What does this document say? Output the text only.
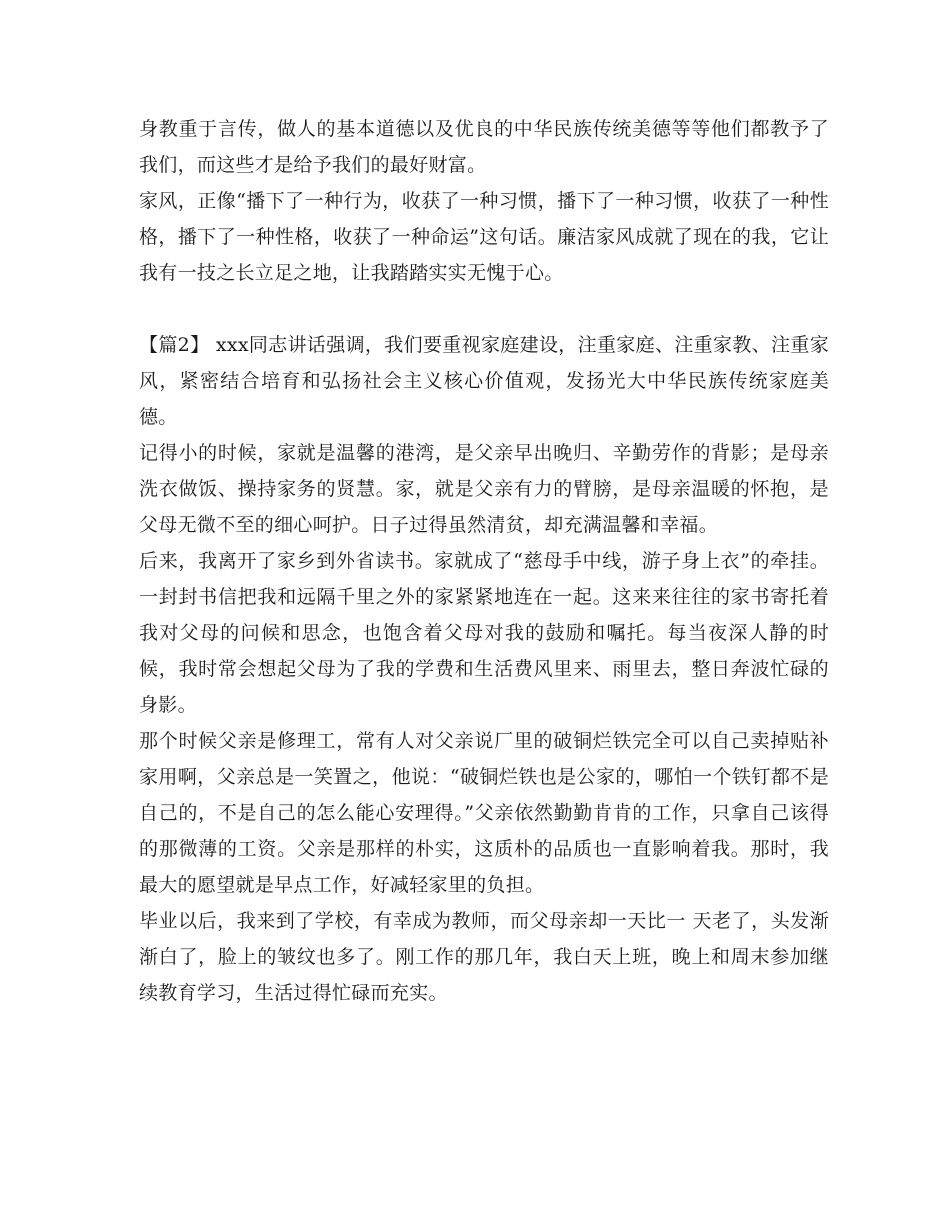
身教重于言传，做人的基本道德以及优良的中华民族传统美德等等他们都教予了我们，而这些才是给予我们的最好财富。

家风，正像“播下了一种行为，收获了一种习惯，播下了一种习惯，收获了一种性格，播下了一种性格，收获了一种命运”这句话。廉洁家风成就了现在的我，它让我有一技之长立足之地，让我踏踏实实无愧于心。

【篇2】 xxx同志讲话强调，我们要重视家庭建设，注重家庭、注重家教、注重家风，紧密结合培育和弘扬社会主义核心价值观，发扬光大中华民族传统家庭美德。

记得小的时候，家就是温馨的港湾，是父亲早出晚归、辛勤劳作的背影；是母亲洗衣做饭、操持家务的贤慧。家，就是父亲有力的臂膀，是母亲温暖的怀抱，是父母无微不至的细心呵护。日子过得虽然清贫，却充满温馨和幸福。

后来，我离开了家乡到外省读书。家就成了“慈母手中线，游子身上衣”的牵挂。一封封书信把我和远隔千里之外的家紧紧地连在一起。这来来往往的家书寄托着我对父母的问候和思念，也饱含着父母对我的鼓励和嘱托。每当夜深人静的时候，我时常会想起父母为了我的学费和生活费风里来、雨里去，整日奔波忙碌的身影。

那个时候父亲是修理工，常有人对父亲说厂里的破铜烂铁完全可以自己卖掉贴补家用啊，父亲总是一笑置之，他说：“破铜烂铁也是公家的，哪怕一个铁钉都不是自己的，不是自己的怎么能心安理得。”父亲依然勤勤肯肯的工作，只拿自己该得的那微薄的工资。父亲是那样的朴实，这质朴的品质也一直影响着我。那时，我最大的愿望就是早点工作，好减轻家里的负担。

毕业以后，我来到了学校，有幸成为教师，而父母亲却一天比一 天老了，头发渐渐白了，脸上的皱纹也多了。刚工作的那几年，我白天上班，晚上和周末参加继续教育学习，生活过得忙碌而充实。
